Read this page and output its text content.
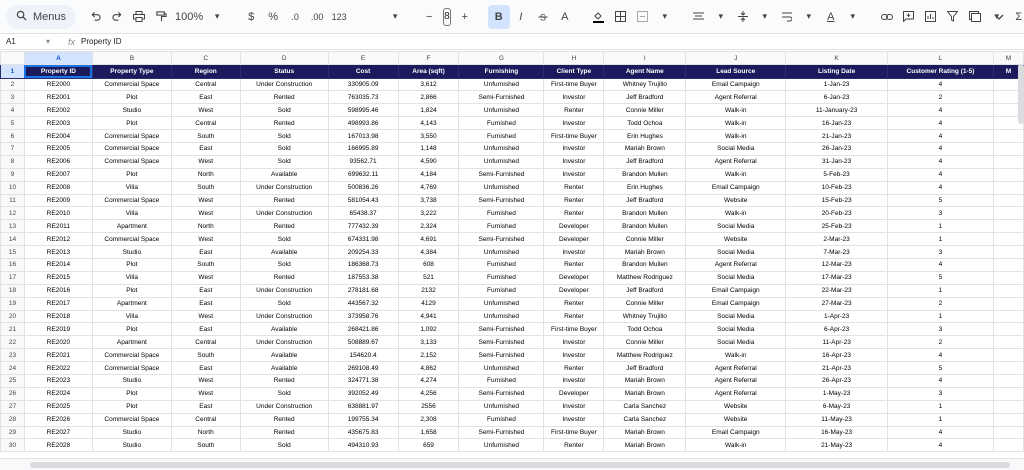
Menus	100%	▾	$	%	.0	.00 123	▾	−	8	+	B	I	S	A	▾	▾	▾	▾	A	▾	▾	Σ
A1	▾ fx Property ID
	A	B	C	D	E	F	G	H	I	J	K	L	M
1	Property ID	Property Type	Region	Status	Cost	Area (sqft)	Furnishing	Client Type	Agent Name	Lead Source	Listing Date	Customer Rating (1-5)	M
2	RE2000	Commercial Space	Central	Under Construction	330905.09	3,612	Unfurnished	First-time Buyer	Whitney Trujillo	Email Campaign	1-Jan-23	4	
3	RE2001	Plot	East	Rented	763035.73	2,866	Semi-Furnished	Investor	Jeff Bradford	Agent Referral	6-Jan-23	2	
4	RE2002	Studio	West	Sold	598995.46	1,824	Unfurnished	Renter	Connie Miller	Walk-in	11-January-23	4	
5	RE2003	Plot	Central	Rented	498993.86	4,143	Furnished	Investor	Todd Ochoa	Walk-in	16-Jan-23	4	
6	RE2004	Commercial Space	South	Sold	167013.98	3,550	Furnished	First-time Buyer	Erin Hughes	Walk-in	21-Jan-23	4	
7	RE2005	Commercial Space	East	Sold	166995.89	1,148	Unfurnished	Investor	Mariah Brown	Social Media	26-Jan-23	4	
8	RE2006	Commercial Space	West	Sold	93562.71	4,590	Unfurnished	Investor	Jeff Bradford	Agent Referral	31-Jan-23	4	
9	RE2007	Plot	North	Available	699632.11	4,184	Semi-Furnished	Investor	Brandon Mullen	Walk-in	5-Feb-23	4	
10	RE2008	Villa	South	Under Construction	500836.26	4,769	Unfurnished	Renter	Erin Hughes	Email Campaign	10-Feb-23	4	
11	RE2009	Commercial Space	West	Rented	581054.43	3,738	Semi-Furnished	Renter	Jeff Bradford	Website	15-Feb-23	5	
12	RE2010	Villa	West	Under Construction	65438.37	3,222	Furnished	Renter	Brandon Mullen	Walk-in	20-Feb-23	3	
13	RE2011	Apartment	North	Rented	777432.39	2,324	Furnished	Developer	Brandon Mullen	Social Media	25-Feb-23	1	
14	RE2012	Commercial Space	West	Sold	674331.98	4,691	Semi-Furnished	Developer	Connie Miller	Website	2-Mar-23	1	
15	RE2013	Studio	East	Available	209254.33	4,384	Unfurnished	Investor	Mariah Brown	Social Media	7-Mar-23	3	
16	RE2014	Plot	South	Sold	186368.73	608	Furnished	Renter	Brandon Mullen	Agent Referral	12-Mar-23	4	
17	RE2015	Villa	West	Rented	187553.38	521	Furnished	Developer	Matthew Rodriguez	Social Media	17-Mar-23	5	
18	RE2016	Plot	East	Under Construction	278181.68	2132	Furnished	Developer	Jeff Bradford	Email Campaign	22-Mar-23	1	
19	RE2017	Apartment	East	Sold	443567.32	4129	Unfurnished	Renter	Connie Miller	Email Campaign	27-Mar-23	2	
20	RE2018	Villa	West	Under Construction	373958.76	4,941	Unfurnished	Renter	Whitney Trujillo	Social Media	1-Apr-23	1	
21	RE2019	Plot	East	Available	268421.86	1,092	Semi-Furnished	First-time Buyer	Todd Ochoa	Social Media	6-Apr-23	3	
22	RE2020	Apartment	Central	Under Construction	508889.67	3,133	Semi-Furnished	Investor	Connie Miller	Social Media	11-Apr-23	2	
23	RE2021	Commercial Space	South	Available	154620.4	2,152	Semi-Furnished	Investor	Matthew Rodriguez	Walk-in	16-Apr-23	4	
24	RE2022	Commercial Space	East	Available	269108.49	4,862	Unfurnished	Renter	Jeff Bradford	Agent Referral	21-Apr-23	5	
25	RE2023	Studio	West	Rented	324771.38	4,274	Furnished	Investor	Mariah Brown	Agent Referral	26-Apr-23	4	
26	RE2024	Plot	West	Sold	392052.49	4,256	Semi-Furnished	Developer	Mariah Brown	Agent Referral	1-May-23	3	
27	RE2025	Plot	East	Under Construction	638881.97	2556	Unfurnished	Investor	Carla Sanchez	Website	6-May-23	1	
28	RE2026	Commercial Space	Central	Rented	199755.34	2,308	Furnished	Investor	Carla Sanchez	Website	11-May-23	1	
29	RE2027	Studio	North	Rented	435675.83	1,658	Semi-Furnished	First-time Buyer	Mariah Brown	Email Campaign	16-May-23	4	
30	RE2028	Studio	South	Sold	494310.93	659	Unfurnished	Renter	Mariah Brown	Walk-in	21-May-23	4	
